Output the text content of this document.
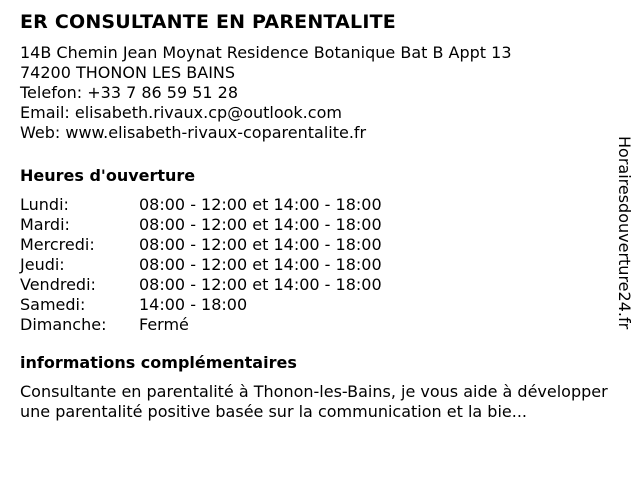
ER CONSULTANTE EN PARENTALITE
14B Chemin Jean Moynat Residence Botanique Bat B Appt 13
74200 THONON LES BAINS
Telefon: +33 7 86 59 51 28
Email: elisabeth.rivaux.cp@outlook.com
Web: www.elisabeth-rivaux-coparentalite.fr
Heures d'ouverture
Lundi:	08:00 - 12:00 et 14:00 - 18:00
Mardi:	08:00 - 12:00 et 14:00 - 18:00
Mercredi:	08:00 - 12:00 et 14:00 - 18:00
Jeudi:	08:00 - 12:00 et 14:00 - 18:00
Vendredi:	08:00 - 12:00 et 14:00 - 18:00
Samedi:	14:00 - 18:00
Dimanche:	Fermé
informations complémentaires
Consultante en parentalité à Thonon-les-Bains, je vous aide à développer une parentalité positive basée sur la communication et la bie...
Horairesdouverture24.fr
